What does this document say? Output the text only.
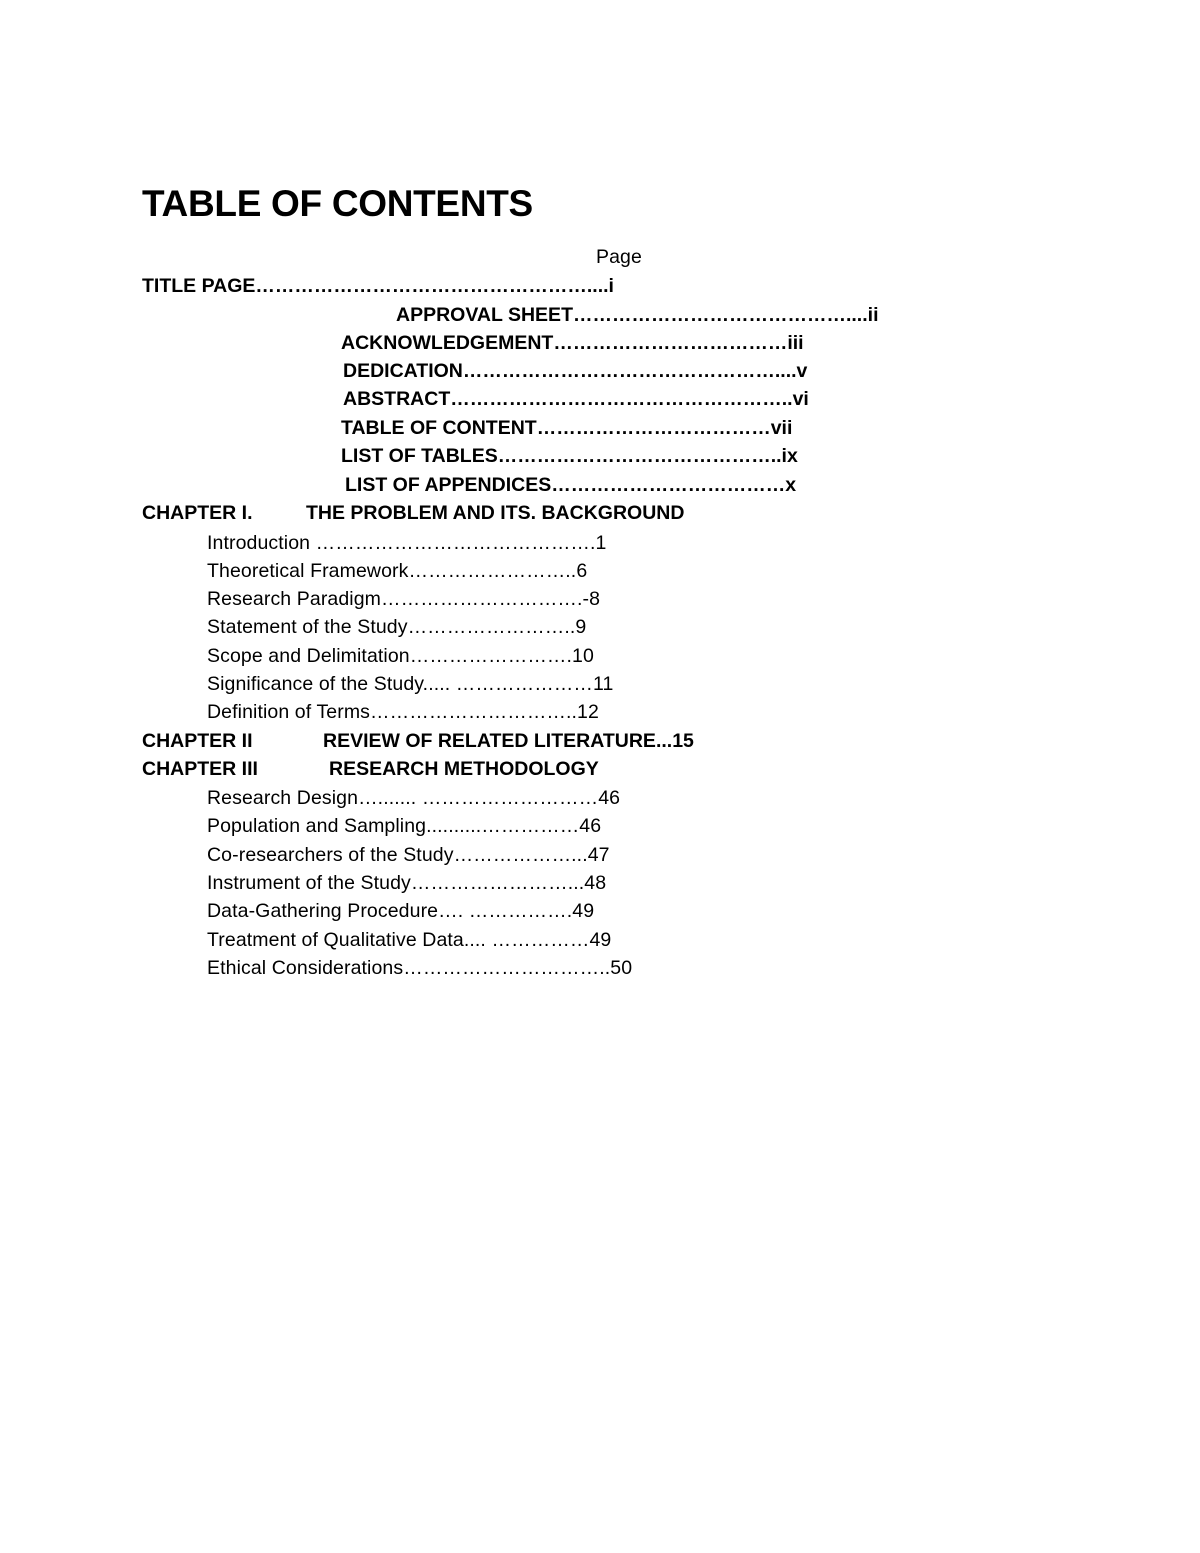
TABLE OF CONTENTS
Page
TITLE PAGE……………………………………………....i
APPROVAL SHEET……………………………………....ii
ACKNOWLEDGEMENT………………………………iii
DEDICATION…………………………………………....v
ABSTRACT……………………………………………..vi
TABLE OF CONTENT………………………………vii
LIST OF TABLES……………………………………..ix
LIST OF APPENDICES………………………………x
CHAPTER I.	THE PROBLEM AND ITS. BACKGROUND
Introduction …………………………………….1
Theoretical Framework……………………..6
Research Paradigm………………………….-8
Statement of the Study……………………..9
Scope and Delimitation…………………….10
Significance of the Study..... …………………11
Definition of Terms…………………………..12
CHAPTER II	REVIEW OF RELATED LITERATURE...15
CHAPTER III	RESEARCH METHODOLOGY
Research Design…....... ………………………46
Population and Sampling..........……………46
Co-researchers of the Study………………...47
Instrument of the Study……………………...48
Data-Gathering Procedure…. …………….49
Treatment of Qualitative Data.... ……………49
Ethical Considerations…………………………..50
